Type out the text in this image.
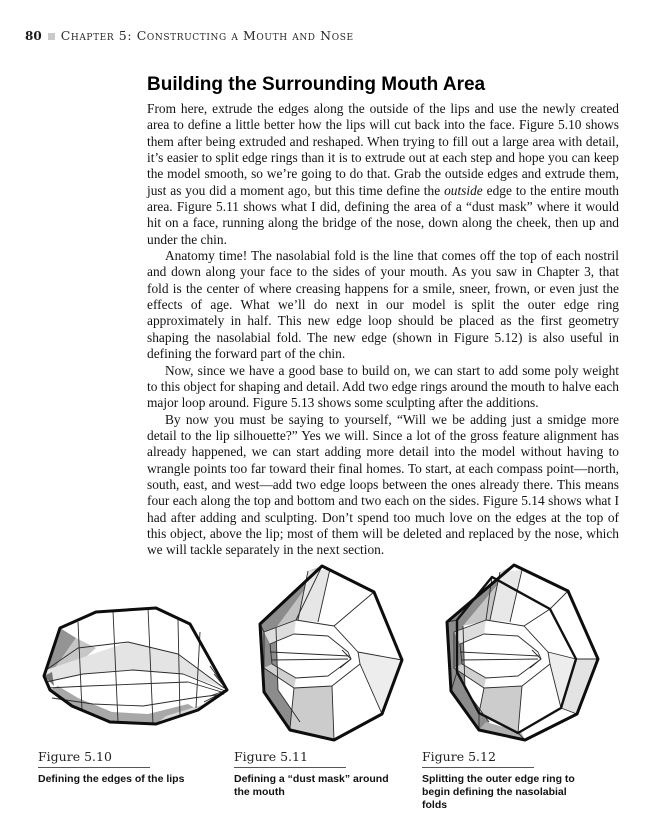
80 Chapter 5: Constructing a Mouth and Nose
Building the Surrounding Mouth Area

From here, extrude the edges along the outside of the lips and use the newly created area to define a little better how the lips will cut back into the face. Figure 5.10 shows them after being extruded and reshaped. When trying to fill out a large area with detail, it’s easier to split edge rings than it is to extrude out at each step and hope you can keep the model smooth, so we’re going to do that. Grab the outside edges and extrude them, just as you did a moment ago, but this time define the outside edge to the entire mouth area. Figure 5.11 shows what I did, defining the area of a “dust mask” where it would hit on a face, running along the bridge of the nose, down along the cheek, then up and under the chin.

Anatomy time! The nasolabial fold is the line that comes off the top of each nostril and down along your face to the sides of your mouth. As you saw in Chapter 3, that fold is the center of where creasing happens for a smile, sneer, frown, or even just the effects of age. What we’ll do next in our model is split the outer edge ring approximately in half. This new edge loop should be placed as the first geometry shaping the nasolabial fold. The new edge (shown in Figure 5.12) is also useful in defining the forward part of the chin.

Now, since we have a good base to build on, we can start to add some poly weight to this object for shaping and detail. Add two edge rings around the mouth to halve each major loop around. Figure 5.13 shows some sculpting after the additions.

By now you must be saying to yourself, “Will we be adding just a smidge more detail to the lip silhouette?” Yes we will. Since a lot of the gross feature alignment has already happened, we can start adding more detail into the model without having to wrangle points too far toward their final homes. To start, at each compass point—north, south, east, and west—add two edge loops between the ones already there. This means four each along the top and bottom and two each on the sides. Figure 5.14 shows what I had after adding and sculpting. Don’t spend too much love on the edges at the top of this object, above the lip; most of them will be deleted and replaced by the nose, which we will tackle separately in the next section.

Figure 5.10
Defining the edges of the lips
Figure 5.11
Defining a “dust mask” around the mouth
Figure 5.12
Splitting the outer edge ring to begin defining the nasolabial folds
